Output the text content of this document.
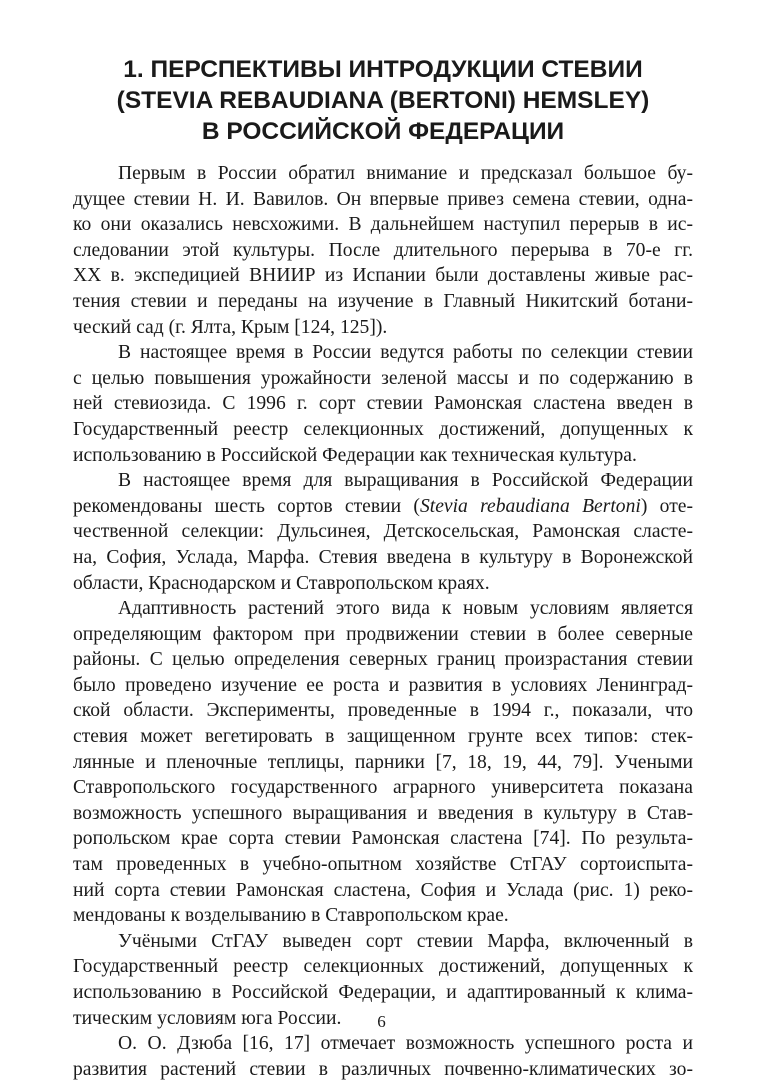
1. ПЕРСПЕКТИВЫ ИНТРОДУКЦИИ СТЕВИИ
(STEVIA REBAUDIANA (BERTONI) HEMSLEY)
В РОССИЙСКОЙ ФЕДЕРАЦИИ

Первым в России обратил внимание и предсказал большое бу-
дущее стевии Н. И. Вавилов. Он впервые привез семена стевии, одна-
ко они оказались невсхожими. В дальнейшем наступил перерыв в ис-
следовании этой культуры. После длительного перерыва в 70-е гг.
XX в. экспедицией ВНИИР из Испании были доставлены живые рас-
тения стевии и переданы на изучение в Главный Никитский ботани-
ческий сад (г. Ялта, Крым [124, 125]).

В настоящее время в России ведутся работы по селекции стевии
с целью повышения урожайности зеленой массы и по содержанию в
ней стевиозида. С 1996 г. сорт стевии Рамонская сластена введен в
Государственный реестр селекционных достижений, допущенных к
использованию в Российской Федерации как техническая культура.

В настоящее время для выращивания в Российской Федерации
рекомендованы шесть сортов стевии (Stevia rebaudiana Bertoni) оте-
чественной селекции: Дульсинея, Детскосельская, Рамонская сласте-
на, София, Услада, Марфа. Стевия введена в культуру в Воронежской
области, Краснодарском и Ставропольском краях.

Адаптивность растений этого вида к новым условиям является
определяющим фактором при продвижении стевии в более северные
районы. С целью определения северных границ произрастания стевии
было проведено изучение ее роста и развития в условиях Ленинград-
ской области. Эксперименты, проведенные в 1994 г., показали, что
стевия может вегетировать в защищенном грунте всех типов: стек-
лянные и пленочные теплицы, парники [7, 18, 19, 44, 79]. Учеными
Ставропольского государственного аграрного университета показана
возможность успешного выращивания и введения в культуру в Став-
ропольском крае сорта стевии Рамонская сластена [74]. По результа-
там проведенных в учебно-опытном хозяйстве СтГАУ сортоиспыта-
ний сорта стевии Рамонская сластена, София и Услада (рис. 1) реко-
мендованы к возделыванию в Ставропольском крае.

Учёными СтГАУ выведен сорт стевии Марфа, включенный в
Государственный реестр селекционных достижений, допущенных к
использованию в Российской Федерации, и адаптированный к клима-
тическим условиям юга России.

О. О. Дзюба [16, 17] отмечает возможность успешного роста и
развития растений стевии в различных почвенно-климатических зо-

6
